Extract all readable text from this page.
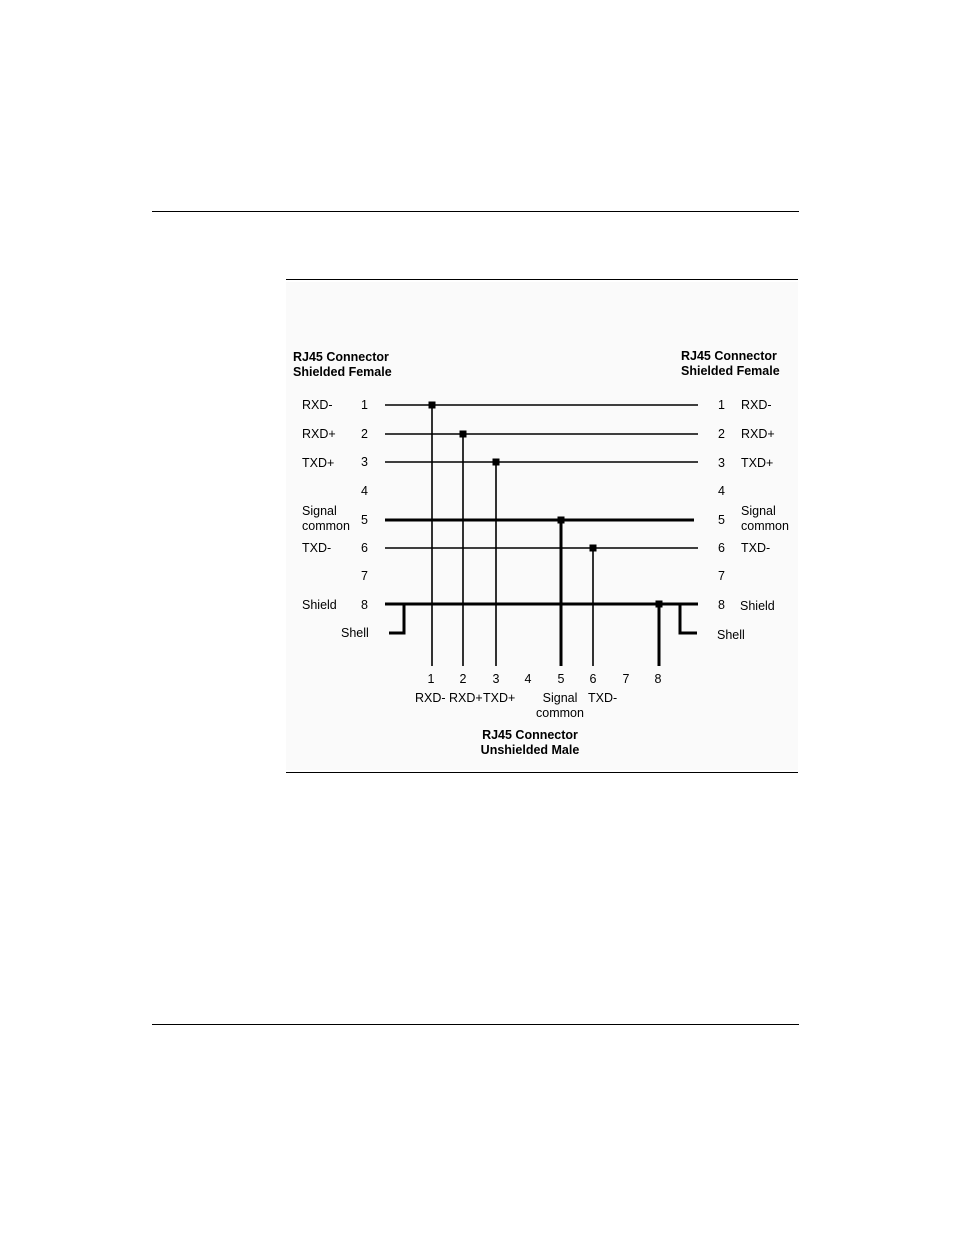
RJ45 Connector
Shielded Female
RJ45 Connector
Shielded Female
RXD-
RXD+
TXD+
Signal
common
TXD-
Shield
Shell
1
2
3
4
5
6
7
8
1
2
3
4
5
6
7
8
RXD-
RXD+
TXD+
Signal
common
TXD-
Shield
Shell
1 2 3 4 5 6 7 8
RXD- RXD+ TXD+	Signal
common
TXD-
RJ45 Connector
Unshielded Male
